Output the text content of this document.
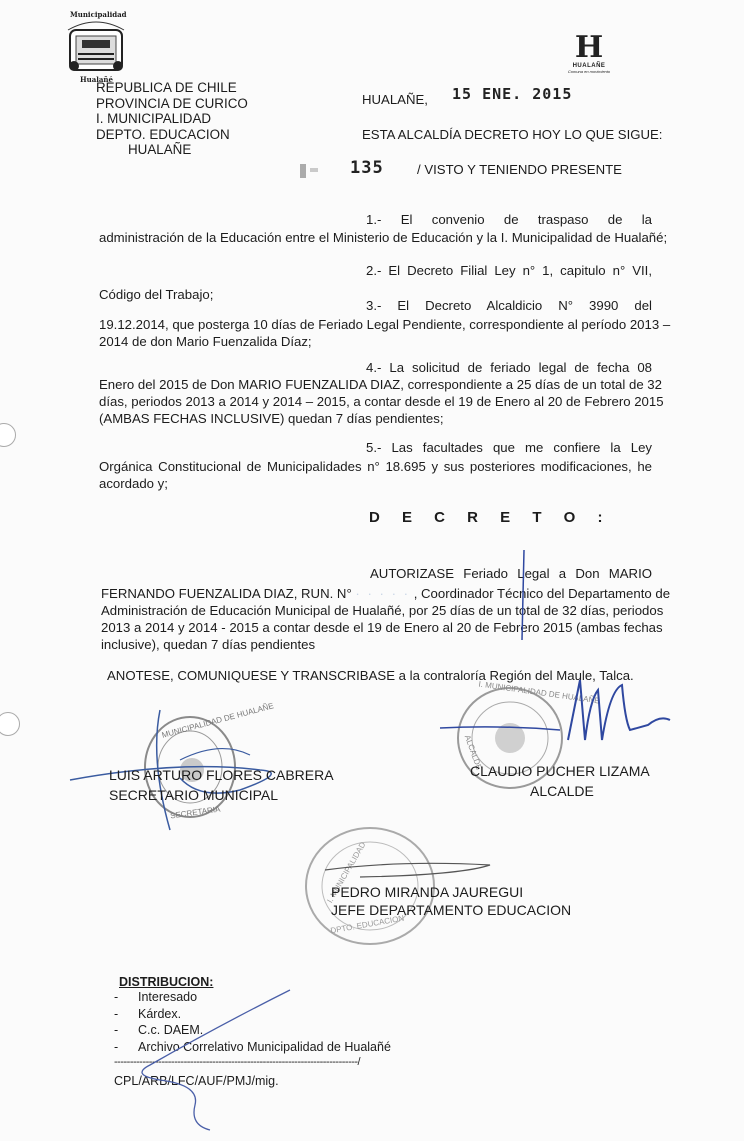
Municipalidad
Hualañé
H
HUALAÑE
Comuna en movimiento
REPUBLICA DE CHILE
PROVINCIA DE CURICO
I. MUNICIPALIDAD
DEPTO. EDUCACION
HUALAÑE
HUALAÑE, 15 ENE. 2015
ESTA ALCALDÍA DECRETO HOY LO QUE SIGUE:
135	/ VISTO Y TENIENDO PRESENTE
1.- El convenio de traspaso de la
administración de la Educación entre el Ministerio de Educación y la I. Municipalidad de Hualañé;
2.- El Decreto Filial Ley n° 1, capitulo n° VII,
Código del Trabajo;
3.- El Decreto Alcaldicio N° 3990 del
19.12.2014, que posterga 10 días de Feriado Legal Pendiente, correspondiente al período 2013 –
2014 de don Mario Fuenzalida Díaz;
4.- La solicitud de feriado legal de fecha 08
Enero del 2015 de Don MARIO FUENZALIDA DIAZ, correspondiente a 25 días de un total de 32
días, periodos 2013 a 2014 y 2014 – 2015, a contar desde el 19 de Enero al 20 de Febrero 2015
(AMBAS FECHAS INCLUSIVE) quedan 7 días pendientes;
5.- Las facultades que me confiere la Ley
Orgánica Constitucional de Municipalidades n° 18.695 y sus posteriores modificaciones, he
acordado y;
D E C R E T O :
AUTORIZASE Feriado Legal a Don MARIO
FERNANDO FUENZALIDA DIAZ, RUN. N° · · · · · , Coordinador Técnico del Departamento de
Administración de Educación Municipal de Hualañé, por 25 días de un total de 32 días, periodos
2013 a 2014 y 2014 - 2015 a contar desde el 19 de Enero al 20 de Febrero 2015 (ambas fechas
inclusive), quedan 7 días pendientes
ANOTESE, COMUNIQUESE Y TRANSCRIBASE a la contraloría Región del Maule, Talca.
MUNICIPALIDAD DE HUALAÑE
SECRETARIA
I. MUNICIPALIDAD DE HUALAÑE
ALCALDE
I. MUNICIPALIDAD
DPTO. EDUCACION
LUIS ARTURO FLORES CABRERA
SECRETARIO MUNICIPAL
CLAUDIO PUCHER LIZAMA
ALCALDE
PEDRO MIRANDA JAUREGUI
JEFE DEPARTAMENTO EDUCACION
DISTRIBUCION:
- Interesado
- Kárdex.
- C.c. DAEM.
- Archivo Correlativo Municipalidad de Hualañé
-----------------------------------------------------------------------------/
CPL/ARB/LFC/AUF/PMJ/mig.
